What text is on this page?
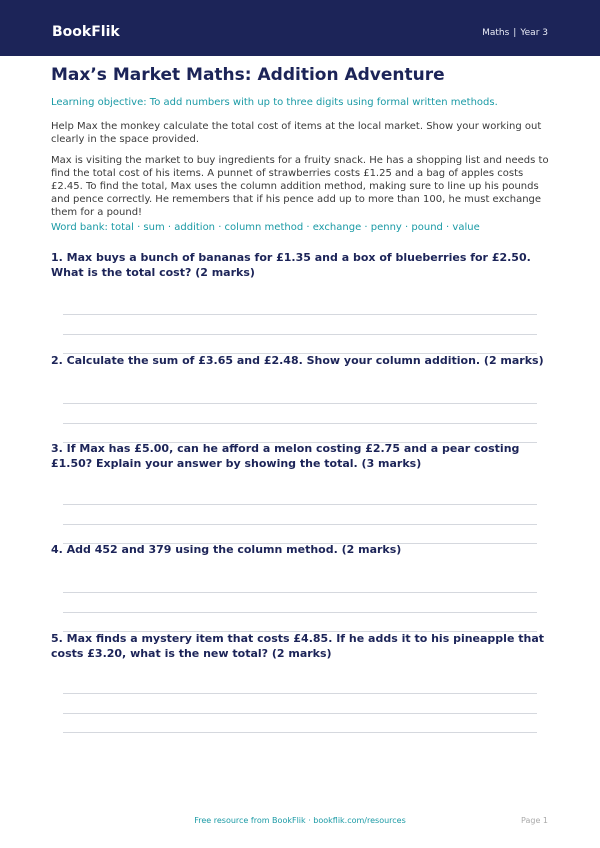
BookFlik	Maths | Year 3
Max’s Market Maths: Addition Adventure
Learning objective: To add numbers with up to three digits using formal written methods.
Help Max the monkey calculate the total cost of items at the local market. Show your working out clearly in the space provided.
Max is visiting the market to buy ingredients for a fruity snack. He has a shopping list and needs to find the total cost of his items. A punnet of strawberries costs £1.25 and a bag of apples costs £2.45. To find the total, Max uses the column addition method, making sure to line up his pounds and pence correctly. He remembers that if his pence add up to more than 100, he must exchange them for a pound!
Word bank: total · sum · addition · column method · exchange · penny · pound · value
1. Max buys a bunch of bananas for £1.35 and a box of blueberries for £2.50. What is the total cost? (2 marks)
2. Calculate the sum of £3.65 and £2.48. Show your column addition. (2 marks)
3. If Max has £5.00, can he afford a melon costing £2.75 and a pear costing £1.50? Explain your answer by showing the total. (3 marks)
4. Add 452 and 379 using the column method. (2 marks)
5. Max finds a mystery item that costs £4.85. If he adds it to his pineapple that costs £3.20, what is the new total? (2 marks)
Free resource from BookFlik · bookflik.com/resources	Page 1
